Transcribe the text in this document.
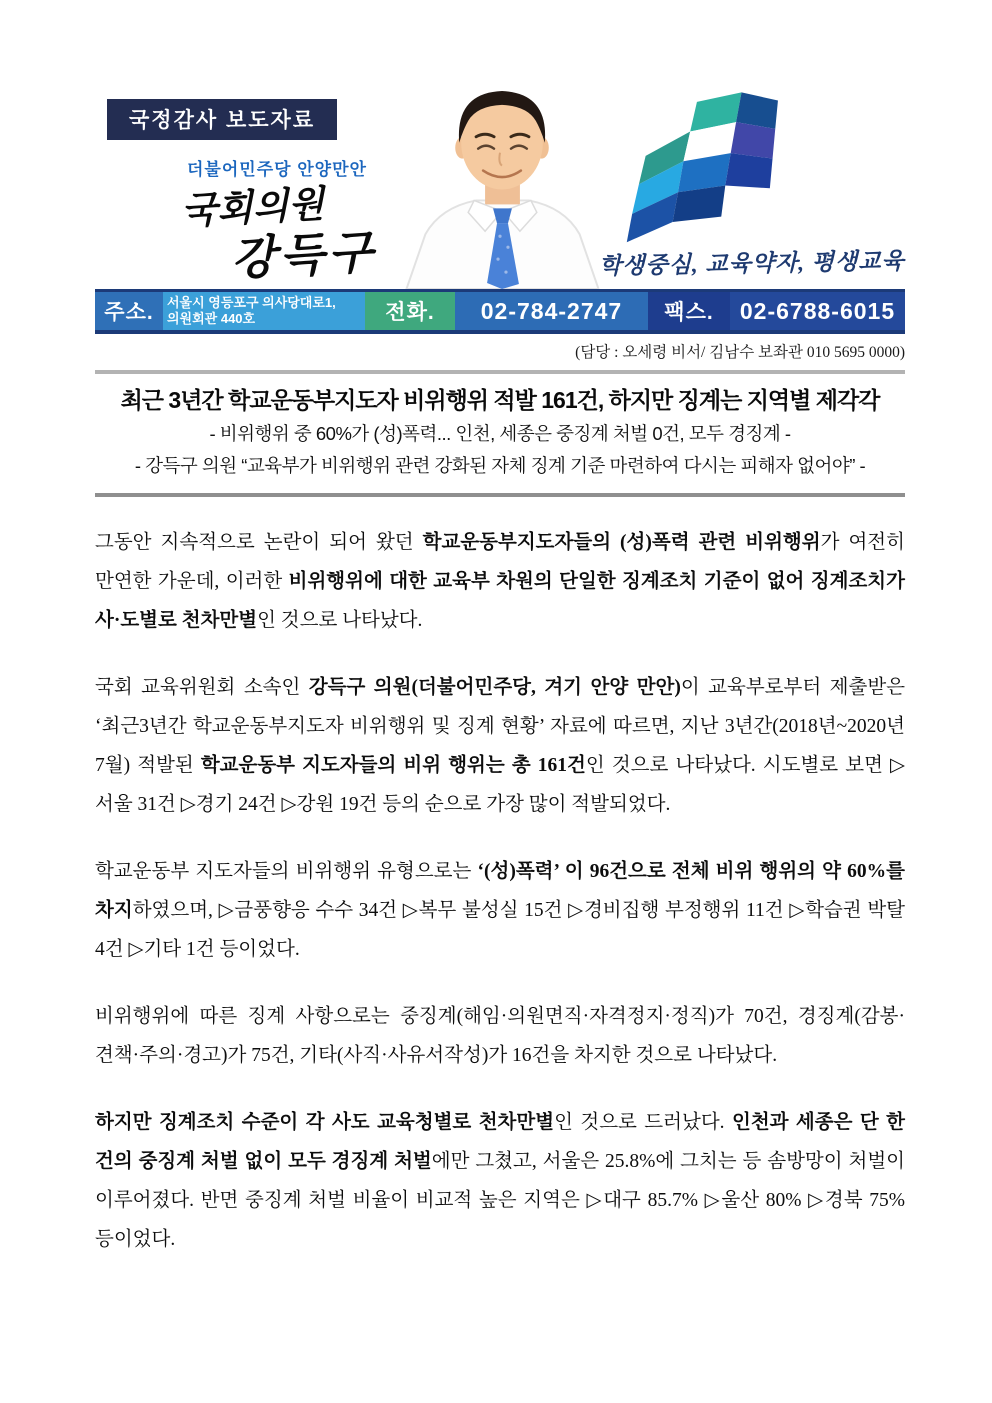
국정감사 보도자료
더불어민주당 안양만안
국회의원
강득구	학생중심, 교육약자, 평생교육
주소.	서울시 영등포구 의사당대로1,
의원회관 440호	전화.	02-784-2747	팩스.	02-6788-6015
(담당 : 오세령 비서/ 김남수 보좌관 010 5695 0000)
최근 3년간 학교운동부지도자 비위행위 적발 161건, 하지만 징계는 지역별 제각각
- 비위행위 중 60%가 (성)폭력... 인천, 세종은 중징계 처벌 0건, 모두 경징계 -
- 강득구 의원 “교육부가 비위행위 관련 강화된 자체 징계 기준 마련하여 다시는 피해자 없어야” -

그동안 지속적으로 논란이 되어 왔던 학교운동부지도자들의 (성)폭력 관련 비위행위가 여전히 만연한 가운데, 이러한 비위행위에 대한 교육부 차원의 단일한 징계조치 기준이 없어 징계조치가 사·도별로 천차만별인 것으로 나타났다.

국회 교육위원회 소속인 강득구 의원(더불어민주당, 겨기 안양 만안)이 교육부로부터 제출받은 ‘최근3년간 학교운동부지도자 비위행위 및 징계 현황’ 자료에 따르면, 지난 3년간(2018년~2020년 7월) 적발된 학교운동부 지도자들의 비위 행위는 총 161건인 것으로 나타났다. 시도별로 보면 ▷서울 31건 ▷경기 24건 ▷강원 19건 등의 순으로 가장 많이 적발되었다.

학교운동부 지도자들의 비위행위 유형으로는 ‘(성)폭력’ 이 96건으로 전체 비위 행위의 약 60%를 차지하였으며, ▷금풍향응 수수 34건 ▷복무 불성실 15건 ▷경비집행 부정행위 11건 ▷학습권 박탈 4건 ▷기타 1건 등이었다.

비위행위에 따른 징계 사항으로는 중징계(해임·의원면직·자격정지·정직)가 70건, 경징계(감봉·견책·주의·경고)가 75건, 기타(사직·사유서작성)가 16건을 차지한 것으로 나타났다.

하지만 징계조치 수준이 각 사도 교육청별로 천차만별인 것으로 드러났다. 인천과 세종은 단 한 건의 중징계 처벌 없이 모두 경징계 처벌에만 그쳤고, 서울은 25.8%에 그치는 등 솜방망이 처벌이 이루어졌다. 반면 중징계 처벌 비율이 비교적 높은 지역은 ▷대구 85.7% ▷울산 80% ▷경북 75% 등이었다.
